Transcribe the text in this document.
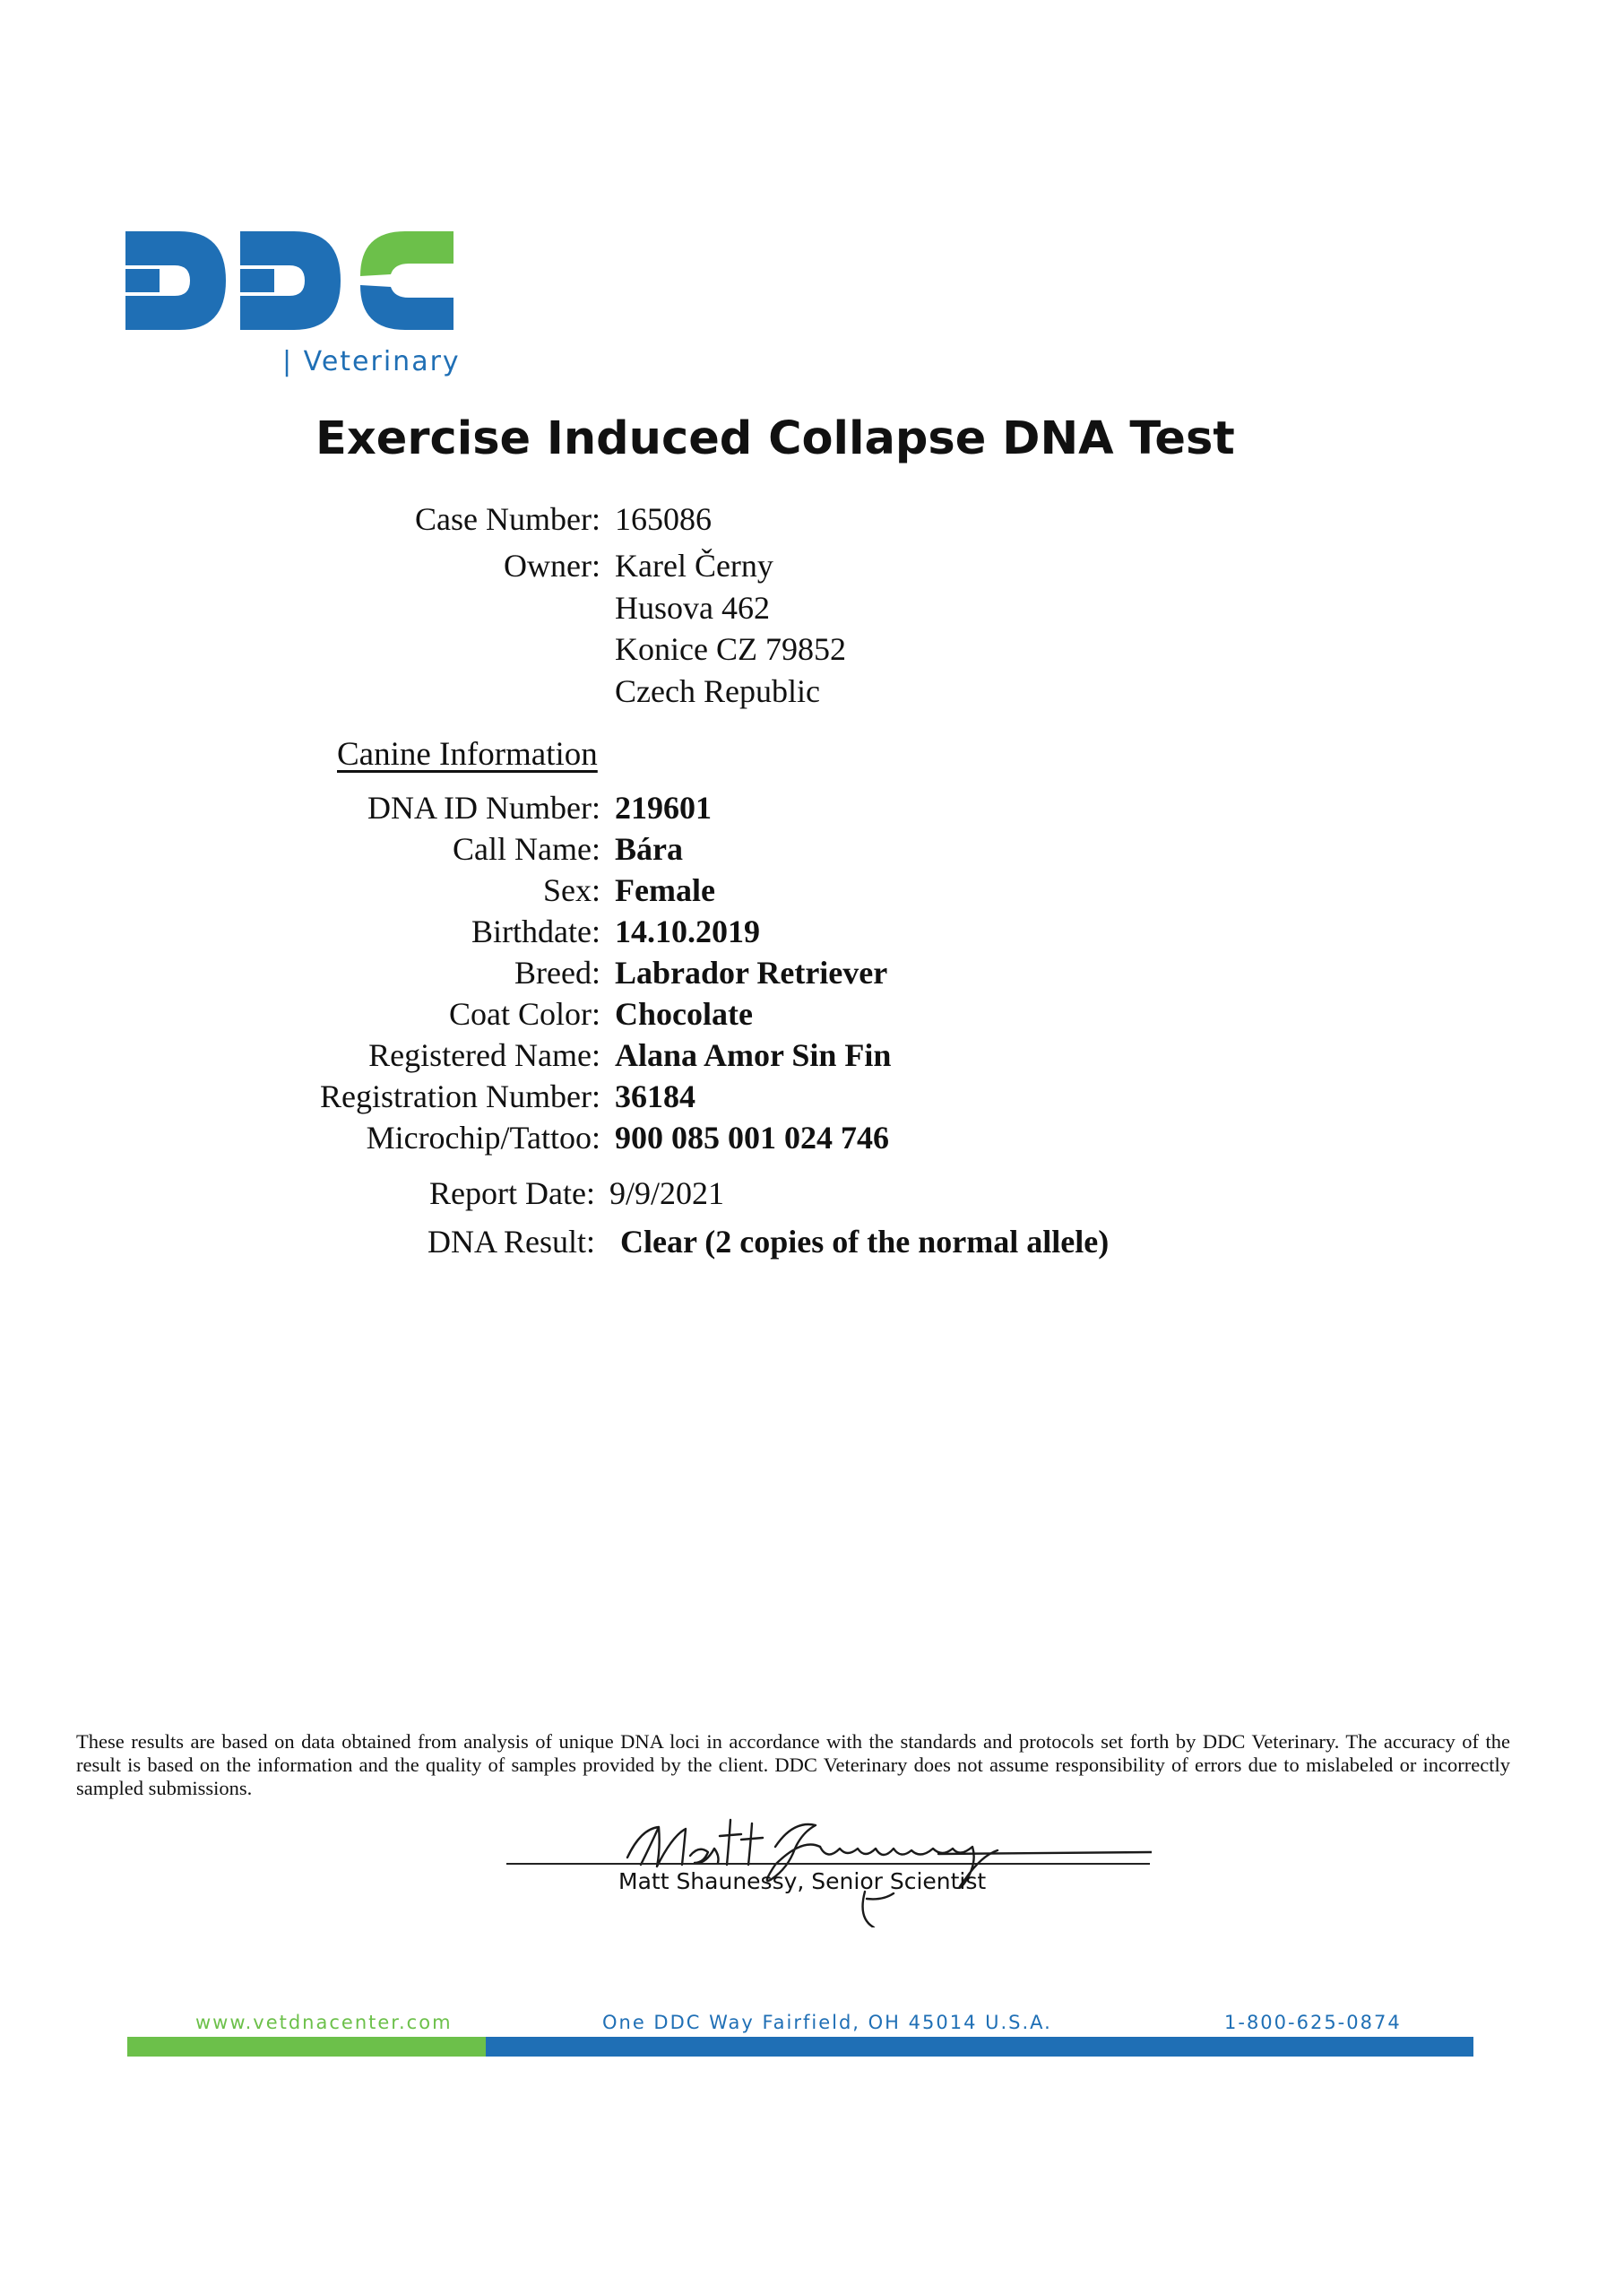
| Veterinary
Exercise Induced Collapse DNA Test
Case Number: 165086
Owner: Karel Černy
Husova 462
Konice CZ 79852
Czech Republic
Canine Information
DNA ID Number: 219601
Call Name: Bára
Sex: Female
Birthdate: 14.10.2019
Breed: Labrador Retriever
Coat Color: Chocolate
Registered Name: Alana Amor Sin Fin
Registration Number: 36184
Microchip/Tattoo: 900 085 001 024 746
Report Date: 9/9/2021
DNA Result: Clear (2 copies of the normal allele)
These results are based on data obtained from analysis of unique DNA loci in accordance with the standards and protocols set forth by DDC Veterinary. The accuracy of the result is based on the information and the quality of samples provided by the client. DDC Veterinary does not assume responsibility of errors due to mislabeled or incorrectly sampled submissions.
Matt Shaunessy, Senior Scientist
www.vetdnacenter.com	One DDC Way Fairfield, OH 45014 U.S.A.	1-800-625-0874
